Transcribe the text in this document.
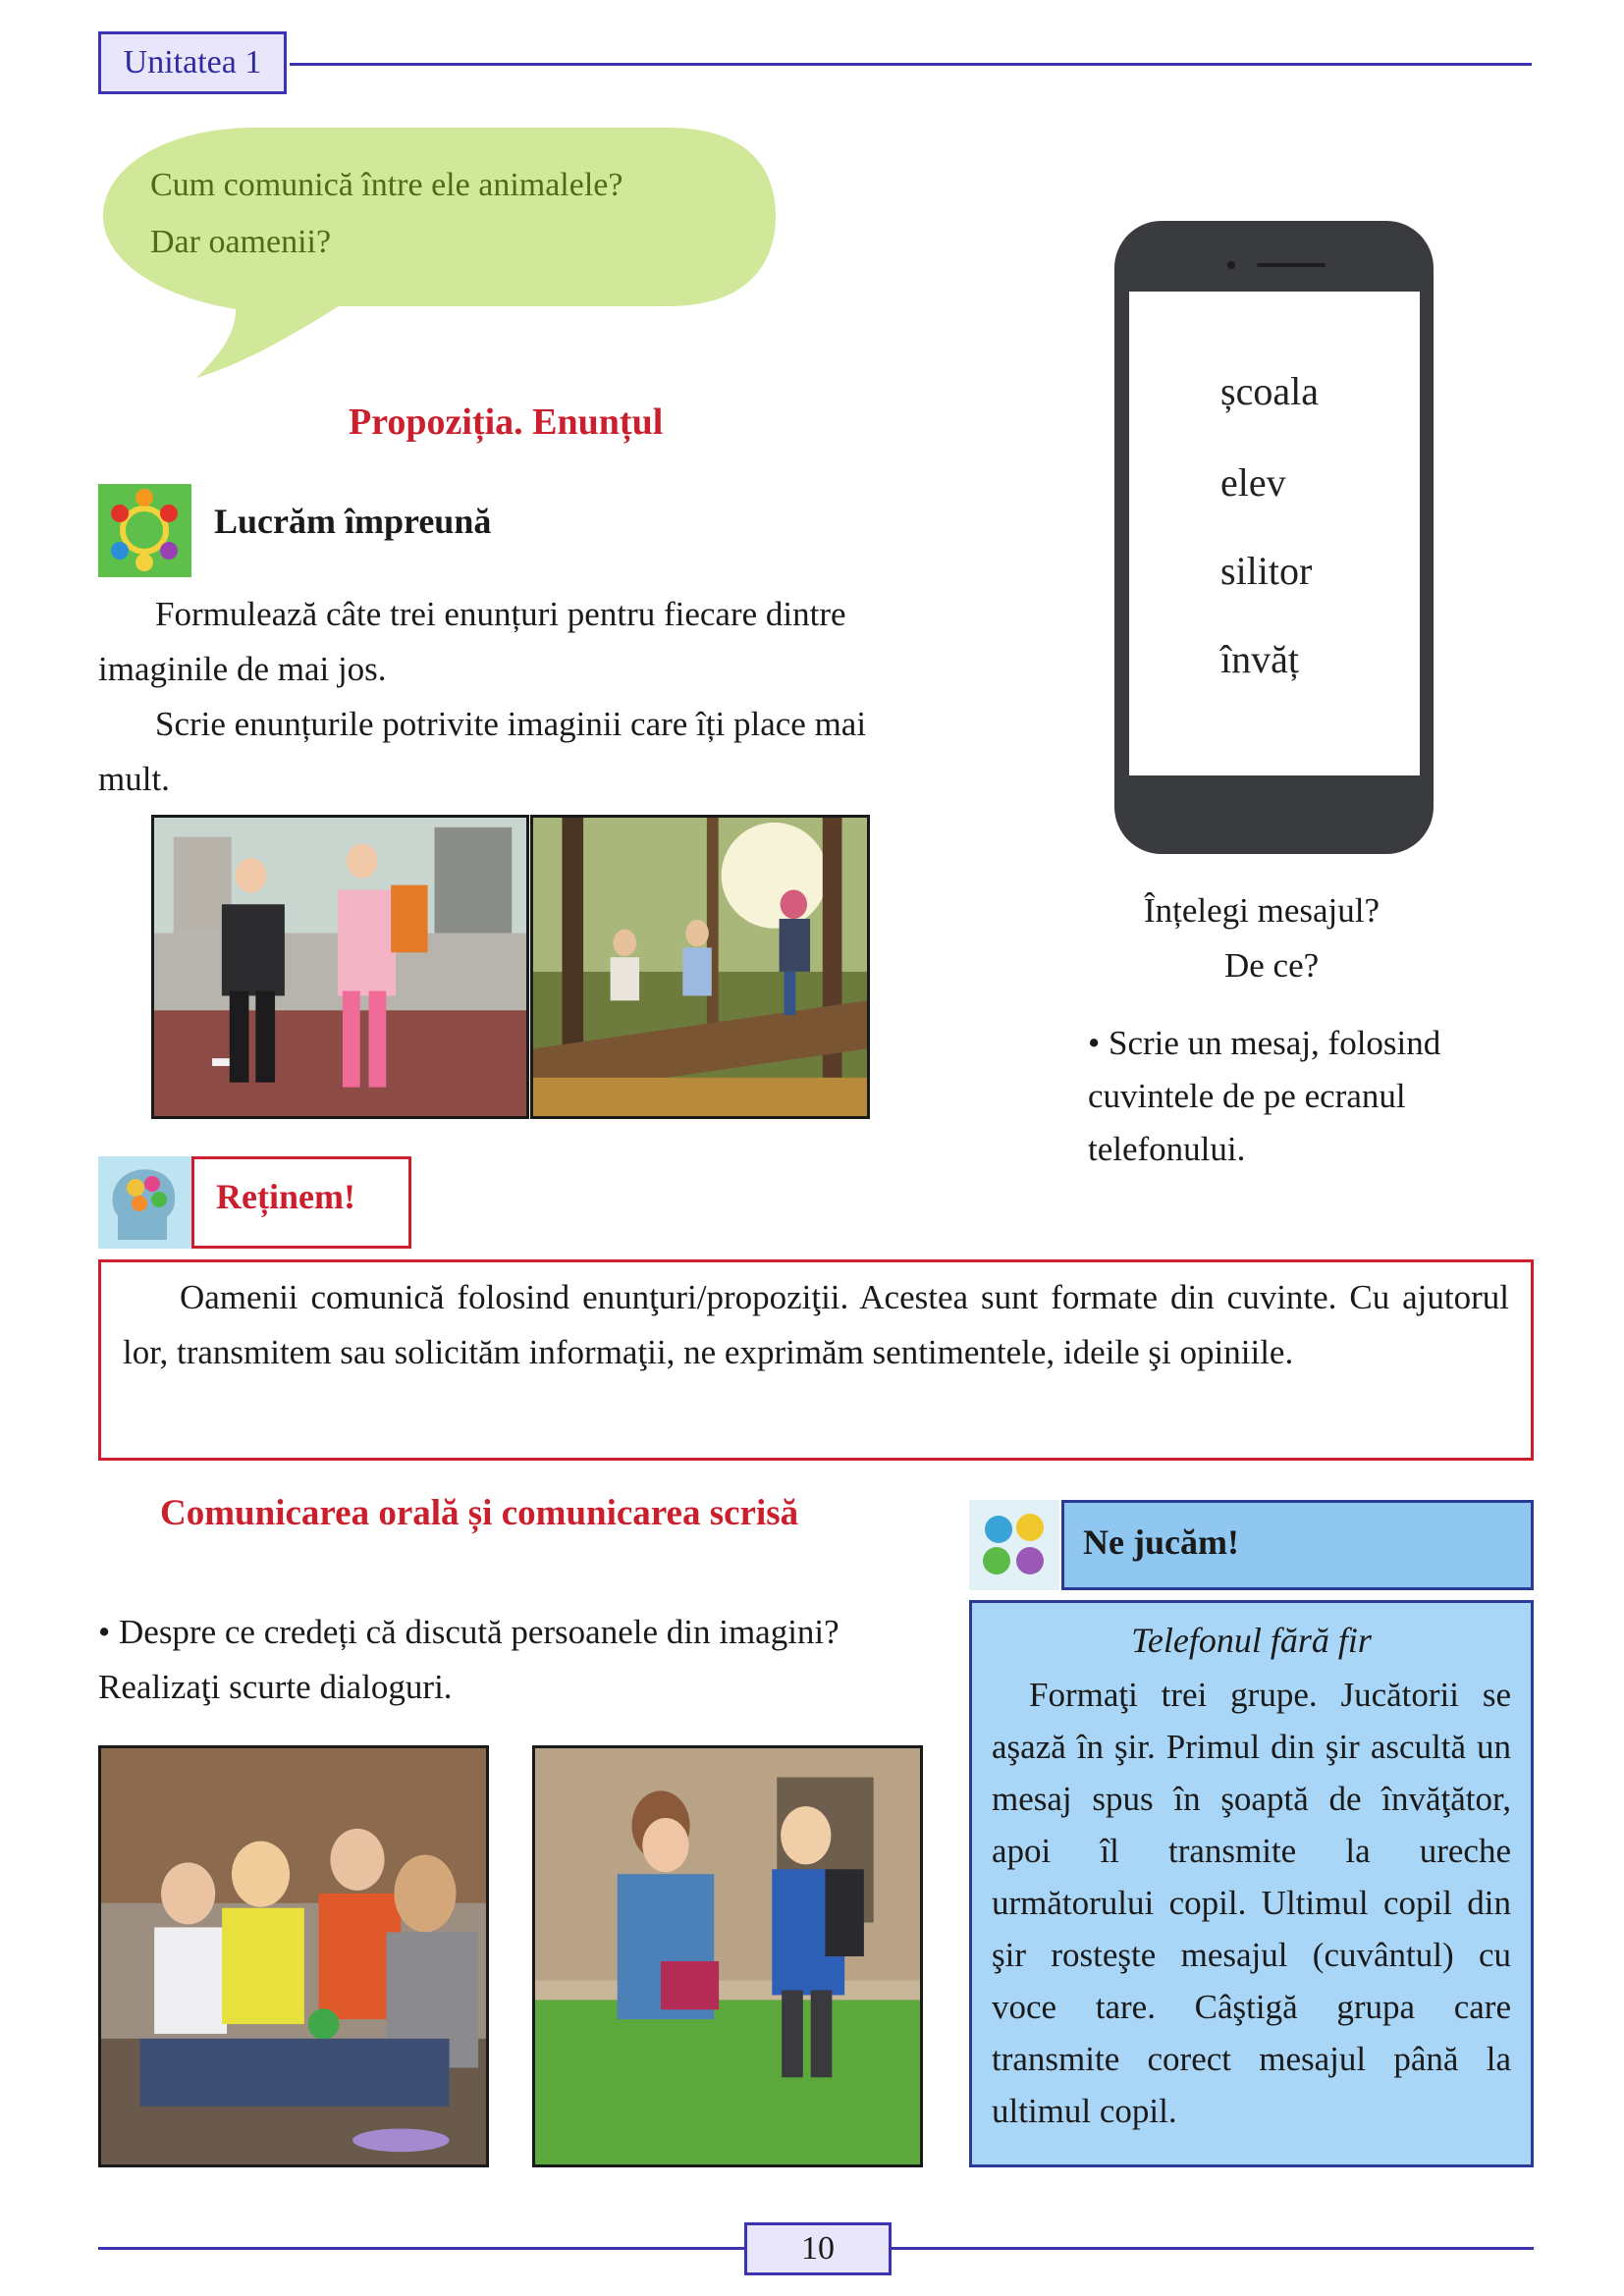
Unitatea 1
Cum comunică între ele animalele?
Dar oamenii?
Propoziția. Enunțul
Lucrăm împreună
Formulează câte trei enunțuri pentru fiecare dintre
imaginile de mai jos.
Scrie enunțurile potrivite imaginii care îți place mai
mult.
școala
elev
silitor
învăț
Înțelegi mesajul?
De ce?
• Scrie un mesaj, folosind
cuvintele de pe ecranul
telefonului.
Reținem!
Oamenii comunică folosind enunţuri/propoziţii. Acestea sunt formate din cuvinte. Cu ajutorul lor, transmitem sau solicităm informaţii, ne exprimăm sentimentele, ideile şi opiniile.
Comunicarea orală și comunicarea scrisă
• Despre ce credeți că discută persoanele din imagini?
Realizaţi scurte dialoguri.
Ne jucăm!
Telefonul fără fir
Formaţi trei grupe. Jucătorii se aşază în şir. Primul din şir ascultă un mesaj spus în şoaptă de învăţător, apoi îl transmite la ureche următorului copil. Ultimul copil din şir rosteşte mesajul (cuvântul) cu voce tare. Câştigă grupa care transmite corect mesajul până la ultimul copil.
10
